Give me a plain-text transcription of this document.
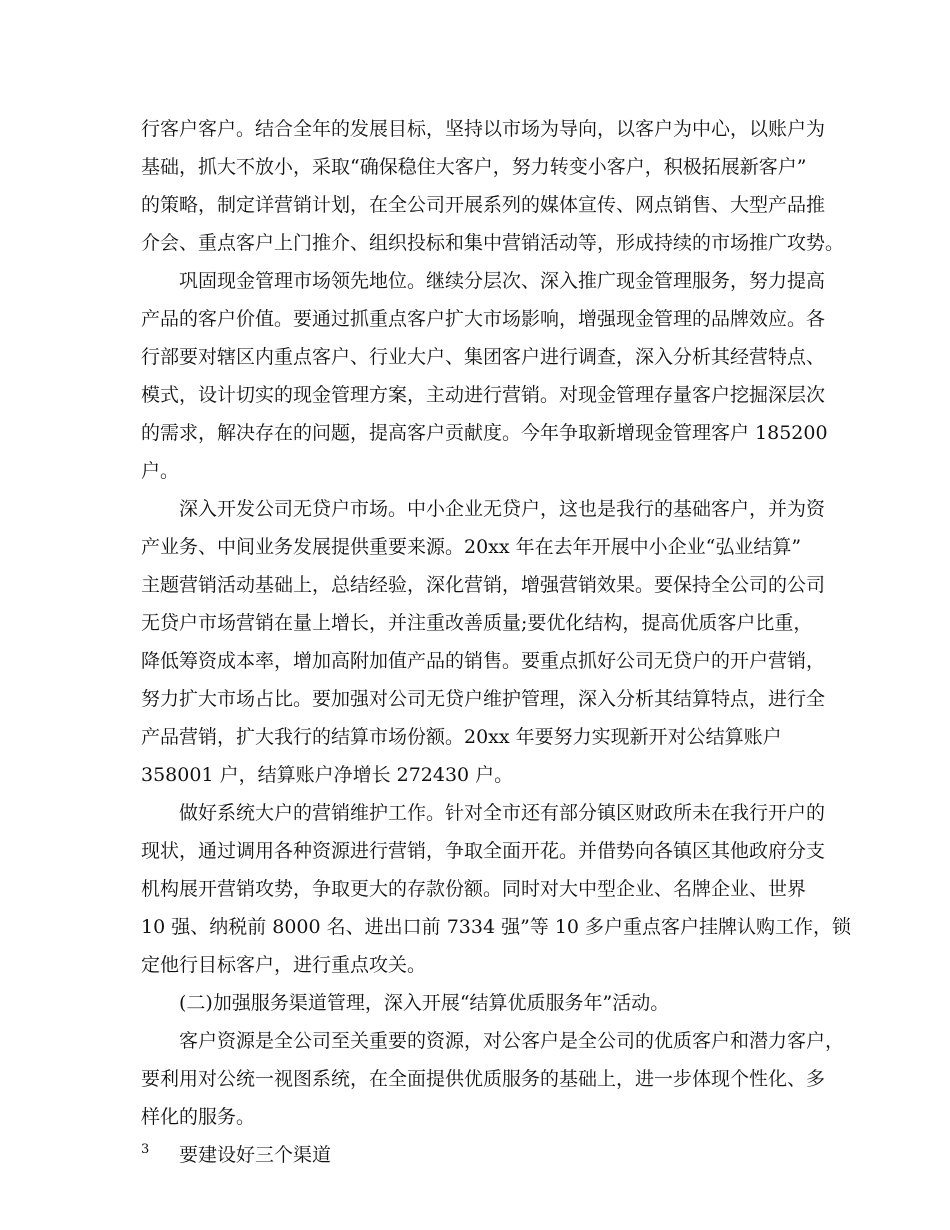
行客户客户。结合全年的发展目标，坚持以市场为导向，以客户为中心，以账户为
基础，抓大不放小，采取“确保稳住大客户，努力转变小客户，积极拓展新客户”
的策略，制定详营销计划，在全公司开展系列的媒体宣传、网点销售、大型产品推
介会、重点客户上门推介、组织投标和集中营销活动等，形成持续的市场推广攻势。
巩固现金管理市场领先地位。继续分层次、深入推广现金管理服务，努力提高
产品的客户价值。要通过抓重点客户扩大市场影响，增强现金管理的品牌效应。各
行部要对辖区内重点客户、行业大户、集团客户进行调查，深入分析其经营特点、
模式，设计切实的现金管理方案，主动进行营销。对现金管理存量客户挖掘深层次
的需求，解决存在的问题，提高客户贡献度。今年争取新增现金管理客户 185200
户。
深入开发公司无贷户市场。中小企业无贷户，这也是我行的基础客户，并为资
产业务、中间业务发展提供重要来源。20xx 年在去年开展中小企业“弘业结算”
主题营销活动基础上，总结经验，深化营销，增强营销效果。要保持全公司的公司
无贷户市场营销在量上增长，并注重改善质量;要优化结构，提高优质客户比重，
降低筹资成本率，增加高附加值产品的销售。要重点抓好公司无贷户的开户营销，
努力扩大市场占比。要加强对公司无贷户维护管理，深入分析其结算特点，进行全
产品营销，扩大我行的结算市场份额。20xx 年要努力实现新开对公结算账户
358001 户，结算账户净增长 272430 户。
做好系统大户的营销维护工作。针对全市还有部分镇区财政所未在我行开户的
现状，通过调用各种资源进行营销，争取全面开花。并借势向各镇区其他政府分支
机构展开营销攻势，争取更大的存款份额。同时对大中型企业、名牌企业、世界
10 强、纳税前 8000 名、进出口前 7334 强”等 10 多户重点客户挂牌认购工作，锁
定他行目标客户，进行重点攻关。
(二)加强服务渠道管理，深入开展“结算优质服务年”活动。
客户资源是全公司至关重要的资源，对公客户是全公司的优质客户和潜力客户，
要利用对公统一视图系统，在全面提供优质服务的基础上，进一步体现个性化、多
样化的服务。
要建设好三个渠道
3
